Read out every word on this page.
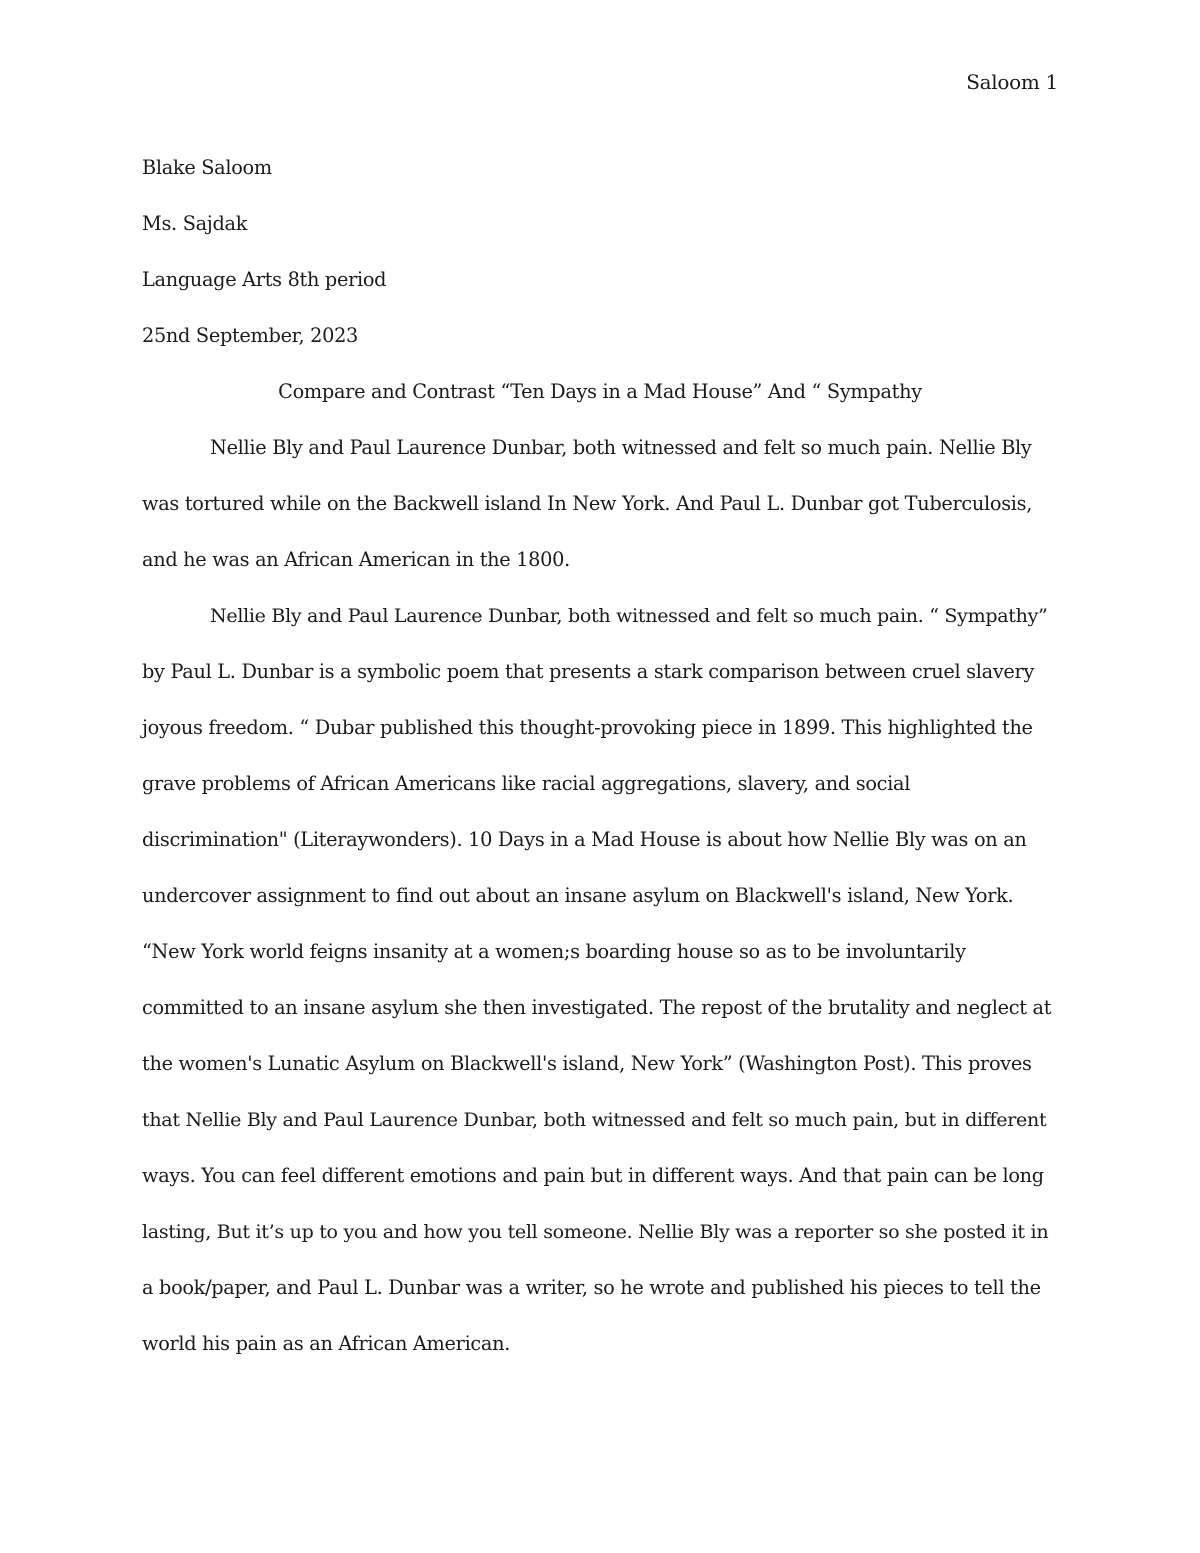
Saloom 1
Blake Saloom
Ms. Sajdak
Language Arts 8th period
25nd September, 2023
Compare and Contrast “Ten Days in a Mad House” And “ Sympathy
Nellie Bly and Paul Laurence Dunbar, both witnessed and felt so much pain. Nellie Bly
was tortured while on the Backwell island In New York. And Paul L. Dunbar got Tuberculosis,
and he was an African American in the 1800.
Nellie Bly and Paul Laurence Dunbar, both witnessed and felt so much pain. “ Sympathy”
by Paul L. Dunbar is a symbolic poem that presents a stark comparison between cruel slavery
joyous freedom. “ Dubar published this thought-provoking piece in 1899. This highlighted the
grave problems of African Americans like racial aggregations, slavery, and social
discrimination" (Literaywonders). 10 Days in a Mad House is about how Nellie Bly was on an
undercover assignment to find out about an insane asylum on Blackwell's island, New York.
“New York world feigns insanity at a women;s boarding house so as to be involuntarily
committed to an insane asylum she then investigated. The repost of the brutality and neglect at
the women's Lunatic Asylum on Blackwell's island, New York” (Washington Post). This proves
that Nellie Bly and Paul Laurence Dunbar, both witnessed and felt so much pain, but in different
ways. You can feel different emotions and pain but in different ways. And that pain can be long
lasting, But it’s up to you and how you tell someone. Nellie Bly was a reporter so she posted it in
a book/paper, and Paul L. Dunbar was a writer, so he wrote and published his pieces to tell the
world his pain as an African American.
